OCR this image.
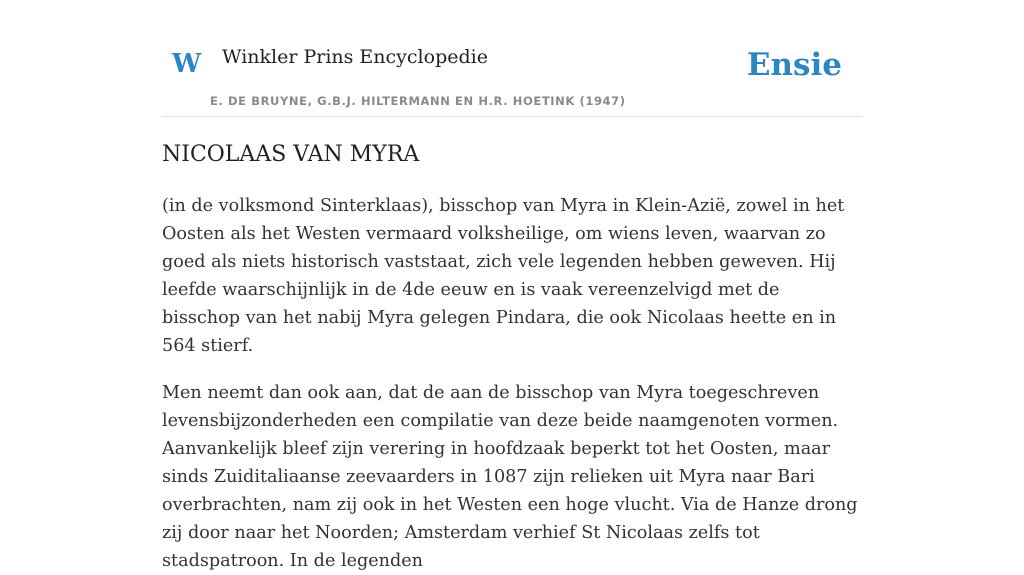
W Winkler Prins Encyclopedie
E. DE BRUYNE, G.B.J. HILTERMANN EN H.R. HOETINK (1947)
Ensie
NICOLAAS VAN MYRA

(in de volksmond Sinterklaas), bisschop van Myra in Klein-Azië, zowel in het Oosten als het Westen vermaard volksheilige, om wiens leven, waarvan zo goed als niets historisch vaststaat, zich vele legenden hebben geweven. Hij leefde waarschijnlijk in de 4de eeuw en is vaak vereenzelvigd met de bisschop van het nabij Myra gelegen Pindara, die ook Nicolaas heette en in 564 stierf.

Men neemt dan ook aan, dat de aan de bisschop van Myra toegeschreven levensbijzonderheden een compilatie van deze beide naamgenoten vormen. Aanvankelijk bleef zijn verering in hoofdzaak beperkt tot het Oosten, maar sinds Zuiditaliaanse zeevaarders in 1087 zijn relieken uit Myra naar Bari overbrachten, nam zij ook in het Westen een hoge vlucht. Via de Hanze drong zij door naar het Noorden; Amsterdam verhief St Nicolaas zelfs tot stadspatroon. In de legenden
